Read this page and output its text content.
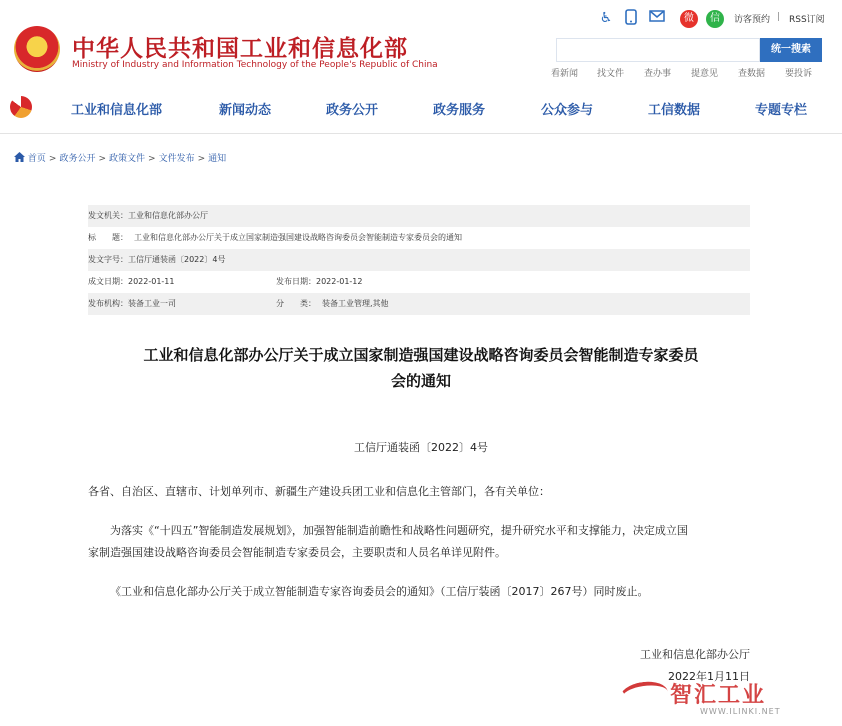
中华人民共和国工业和信息化部
Ministry of Industry and Information Technology of the People's Republic of China
♿	微	信	访客预约 | RSS订阅
统一搜索
看新闻 找文件 查办事 提意见 查数据 要投诉
工业和信息化部	新闻动态	政务公开	政务服务	公众参与	工信数据	专题专栏
首页 > 政务公开 > 政策文件 > 文件发布 > 通知
发文机关：工业和信息化部办公厅
标 题： 工业和信息化部办公厅关于成立国家制造强国建设战略咨询委员会智能制造专家委员会的通知
发文字号：工信厅通装函〔2022〕4号
成文日期：2022-01-11	发布日期：2022-01-12
发布机构：装备工业一司	分 类： 装备工业管理,其他
工业和信息化部办公厅关于成立国家制造强国建设战略咨询委员会智能制造专家委员
会的通知
工信厅通装函〔2022〕4号
各省、自治区、直辖市、计划单列市、新疆生产建设兵团工业和信息化主管部门，各有关单位：
为落实《“十四五”智能制造发展规划》，加强智能制造前瞻性和战略性问题研究，提升研究水平和支撑能力，决定成立国
家制造强国建设战略咨询委员会智能制造专家委员会，主要职责和人员名单详见附件。
《工业和信息化部办公厅关于成立智能制造专家咨询委员会的通知》（工信厅装函〔2017〕267号）同时废止。
工业和信息化部办公厅
2022年1月11日
智汇工业
WWW.ILINKI.NET
